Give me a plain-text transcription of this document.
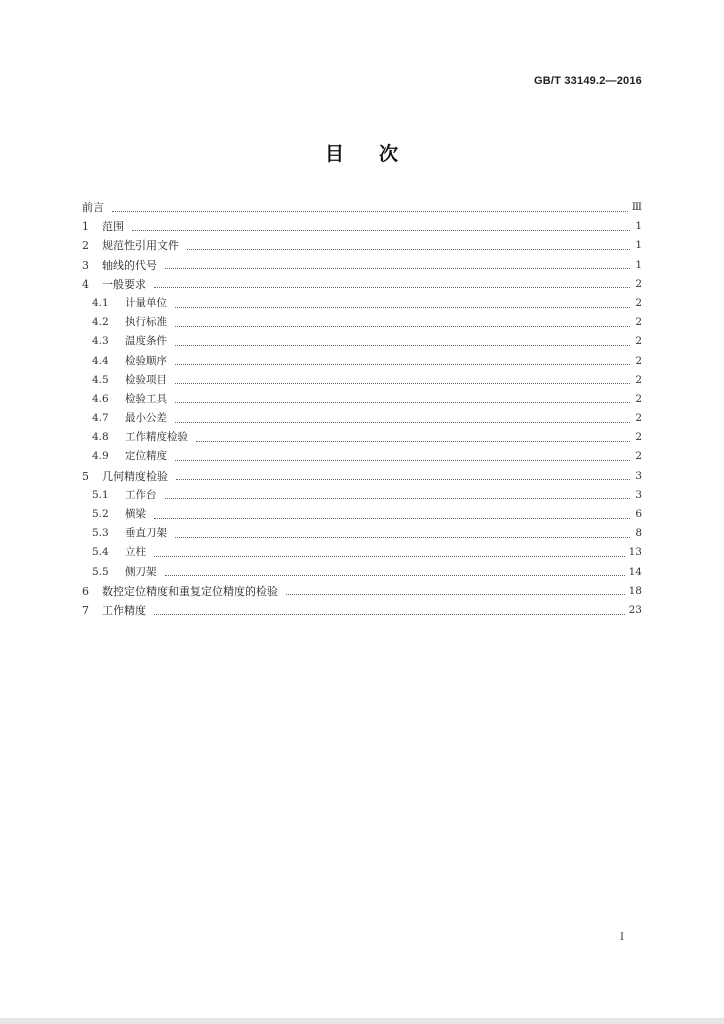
GB/T 33149.2—2016
目 次
前言	Ⅲ
1	范围	1
2	规范性引用文件	1
3	轴线的代号	1
4	一般要求	2
4.1	计量单位	2
4.2	执行标准	2
4.3	温度条件	2
4.4	检验顺序	2
4.5	检验项目	2
4.6	检验工具	2
4.7	最小公差	2
4.8	工作精度检验	2
4.9	定位精度	2
5	几何精度检验	3
5.1	工作台	3
5.2	横梁	6
5.3	垂直刀架	8
5.4	立柱	13
5.5	侧刀架	14
6	数控定位精度和重复定位精度的检验	18
7	工作精度	23
I
